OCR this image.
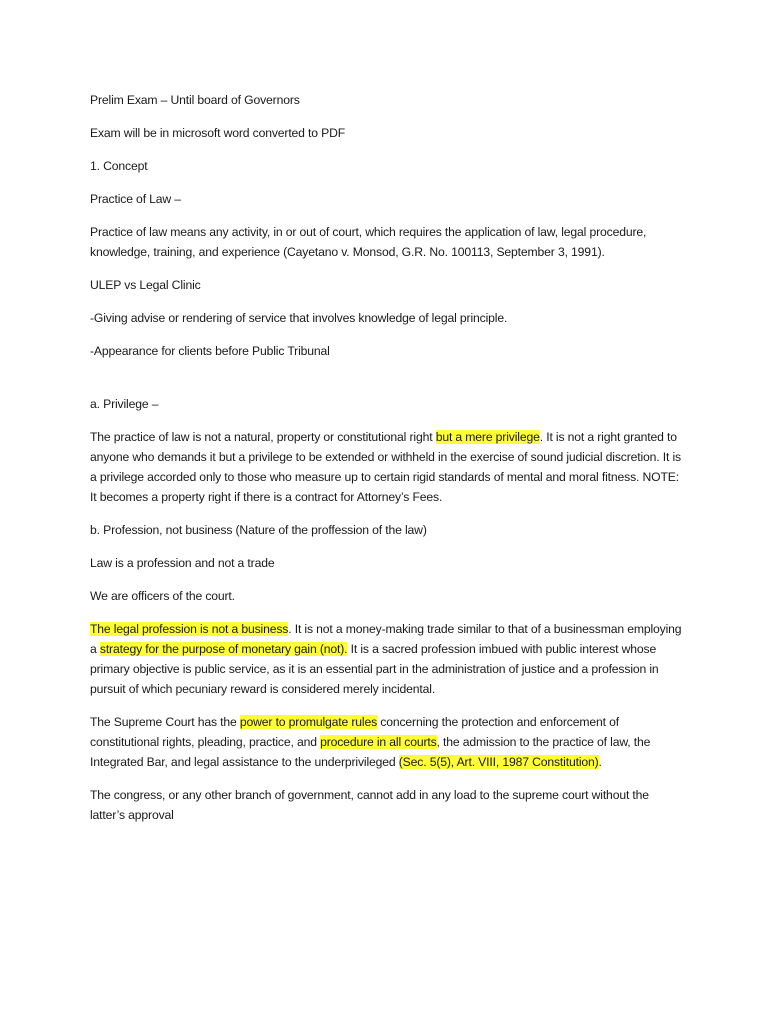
Prelim Exam – Until board of Governors

Exam will be in microsoft word converted to PDF

1. Concept

Practice of Law –

Practice of law means any activity, in or out of court, which requires the application of law, legal procedure, knowledge, training, and experience (Cayetano v. Monsod, G.R. No. 100113, September 3, 1991).

ULEP vs Legal Clinic

-Giving advise or rendering of service that involves knowledge of legal principle.

-Appearance for clients before Public Tribunal

a. Privilege –

The practice of law is not a natural, property or constitutional right but a mere privilege. It is not a right granted to anyone who demands it but a privilege to be extended or withheld in the exercise of sound judicial discretion. It is a privilege accorded only to those who measure up to certain rigid standards of mental and moral fitness. NOTE: It becomes a property right if there is a contract for Attorney’s Fees.

b. Profession, not business (Nature of the proffession of the law)

Law is a profession and not a trade

We are officers of the court.

The legal profession is not a business. It is not a money-making trade similar to that of a businessman employing a strategy for the purpose of monetary gain (not). It is a sacred profession imbued with public interest whose primary objective is public service, as it is an essential part in the administration of justice and a profession in pursuit of which pecuniary reward is considered merely incidental.

The Supreme Court has the power to promulgate rules concerning the protection and enforcement of constitutional rights, pleading, practice, and procedure in all courts, the admission to the practice of law, the Integrated Bar, and legal assistance to the underprivileged (Sec. 5(5), Art. VIII, 1987 Constitution).

The congress, or any other branch of government, cannot add in any load to the supreme court without the latter’s approval
